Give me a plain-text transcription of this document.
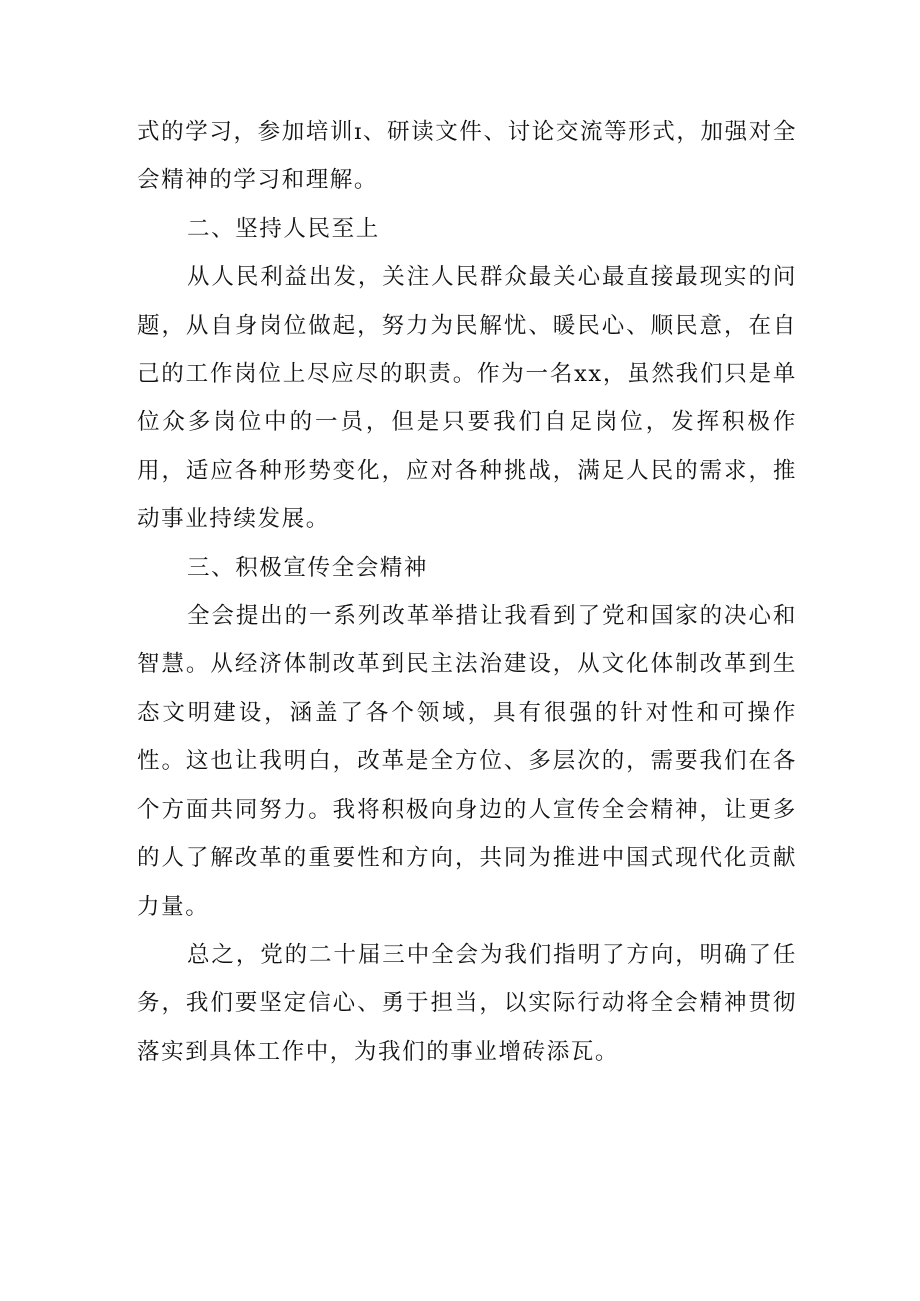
式的学习，参加培训ɪ、研读文件、讨论交流等形式，加强对全会精神的学习和理解。

二、坚持人民至上

从人民利益出发，关注人民群众最关心最直接最现实的问题，从自身岗位做起，努力为民解忧、暖民心、顺民意，在自己的工作岗位上尽应尽的职责。作为一名xx，虽然我们只是单位众多岗位中的一员，但是只要我们自足岗位，发挥积极作用，适应各种形势变化，应对各种挑战，满足人民的需求，推动事业持续发展。

三、积极宣传全会精神

全会提出的一系列改革举措让我看到了党和国家的决心和智慧。从经济体制改革到民主法治建设，从文化体制改革到生态文明建设，涵盖了各个领域，具有很强的针对性和可操作性。这也让我明白，改革是全方位、多层次的，需要我们在各个方面共同努力。我将积极向身边的人宣传全会精神，让更多的人了解改革的重要性和方向，共同为推进中国式现代化贡献力量。

总之，党的二十届三中全会为我们指明了方向，明确了任务，我们要坚定信心、勇于担当，以实际行动将全会精神贯彻落实到具体工作中，为我们的事业增砖添瓦。
